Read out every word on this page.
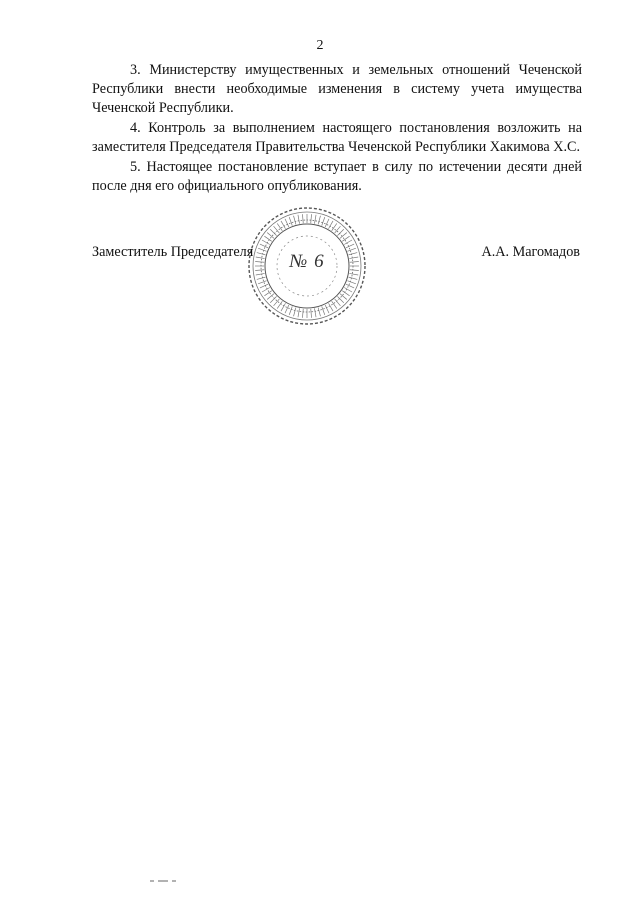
2

3. Министерству имущественных и земельных отношений Чеченской Республики внести необходимые изменения в систему учета имущества Чеченской Республики.

4. Контроль за выполнением настоящего постановления возложить на заместителя Председателя Правительства Чеченской Республики Хакимова Х.С.

5. Настоящее постановление вступает в силу по истечении десяти дней после дня его официального опубликования.

№ 6
Заместитель Председателя	А.А. Магомадов
